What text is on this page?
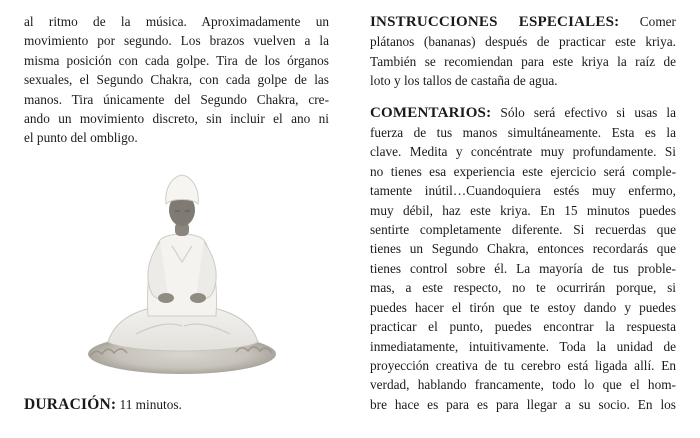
al ritmo de la música. Aproximadamente un
movimiento por segundo. Los brazos vuelven a la
misma posición con cada golpe. Tira de los órganos
sexuales, el Segundo Chakra, con cada golpe de las
manos. Tira únicamente del Segundo Chakra, cre-
ando un movimiento discreto, sin incluir el ano ni
el punto del ombligo.
DURACIÓN: 11 minutos.
INSTRUCCIONES ESPECIALES: Comer
plátanos (bananas) después de practicar este kriya.
También se recomiendan para este kriya la raíz de
loto y los tallos de castaña de agua.
COMENTARIOS: Sólo será efectivo si usas la
fuerza de tus manos simultáneamente. Esta es la
clave. Medita y concéntrate muy profundamente. Si
no tienes esa experiencia este ejercicio será comple-
tamente inútil…Cuandoquiera estés muy enfermo,
muy débil, haz este kriya. En 15 minutos puedes
sentirte completamente diferente. Si recuerdas que
tienes un Segundo Chakra, entonces recordarás que
tienes control sobre él. La mayoría de tus proble-
mas, a este respecto, no te ocurrirán porque, si
puedes hacer el tirón que te estoy dando y puedes
practicar el punto, puedes encontrar la respuesta
inmediatamente, intuitivamente. Toda la unidad de
proyección creativa de tu cerebro está ligada allí. En
verdad, hablando francamente, todo lo que el hom-
bre hace es para es para llegar a su socio. En los
